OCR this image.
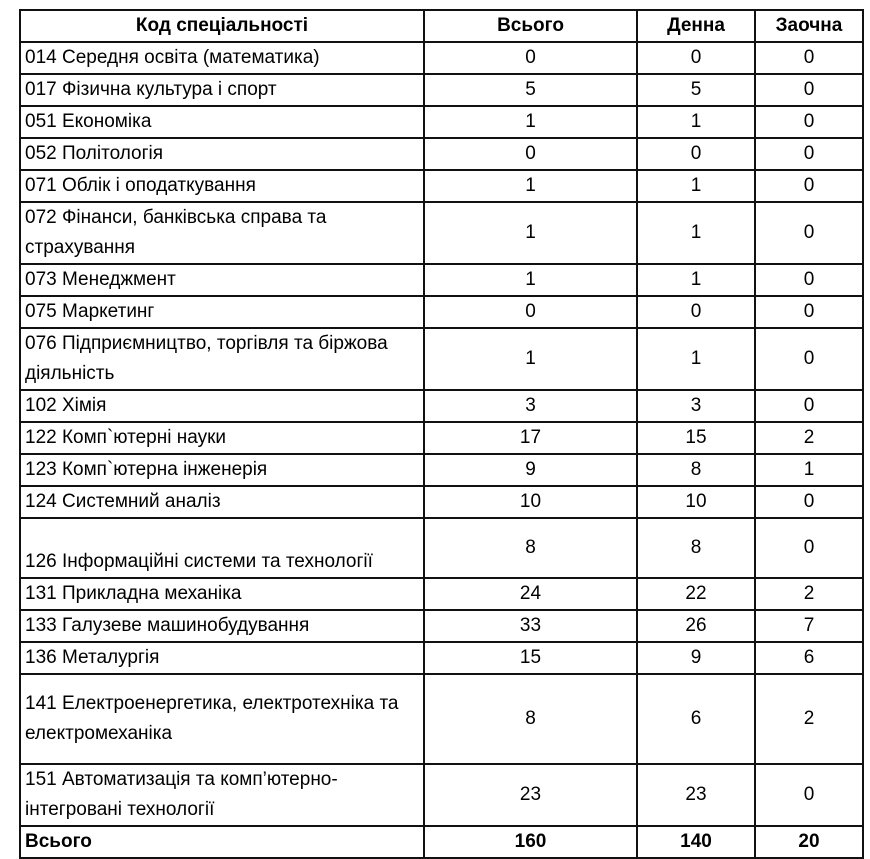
Код спеціальності	Всього	Денна	Заочна
014 Середня освіта (математика)	0	0	0
017 Фізична культура і спорт	5	5	0
051 Економіка	1	1	0
052 Політологія	0	0	0
071 Облік і оподаткування	1	1	0
072 Фінанси, банківська справа та страхування	1	1	0
073 Менеджмент	1	1	0
075 Маркетинг	0	0	0
076 Підприємництво, торгівля та біржова діяльність	1	1	0
102 Хімія	3	3	0
122 Комп`ютерні науки	17	15	2
123 Комп`ютерна інженерія	9	8	1
124 Системний аналіз	10	10	0
126 Інформаційні системи та технології	8	8	0
131 Прикладна механіка	24	22	2
133 Галузеве машинобудування	33	26	7
136 Металургія	15	9	6
141 Електроенергетика, електротехніка та електромеханіка	8	6	2
151 Автоматизація та комп’ютерно-інтегровані технології	23	23	0
Всього	160	140	20
